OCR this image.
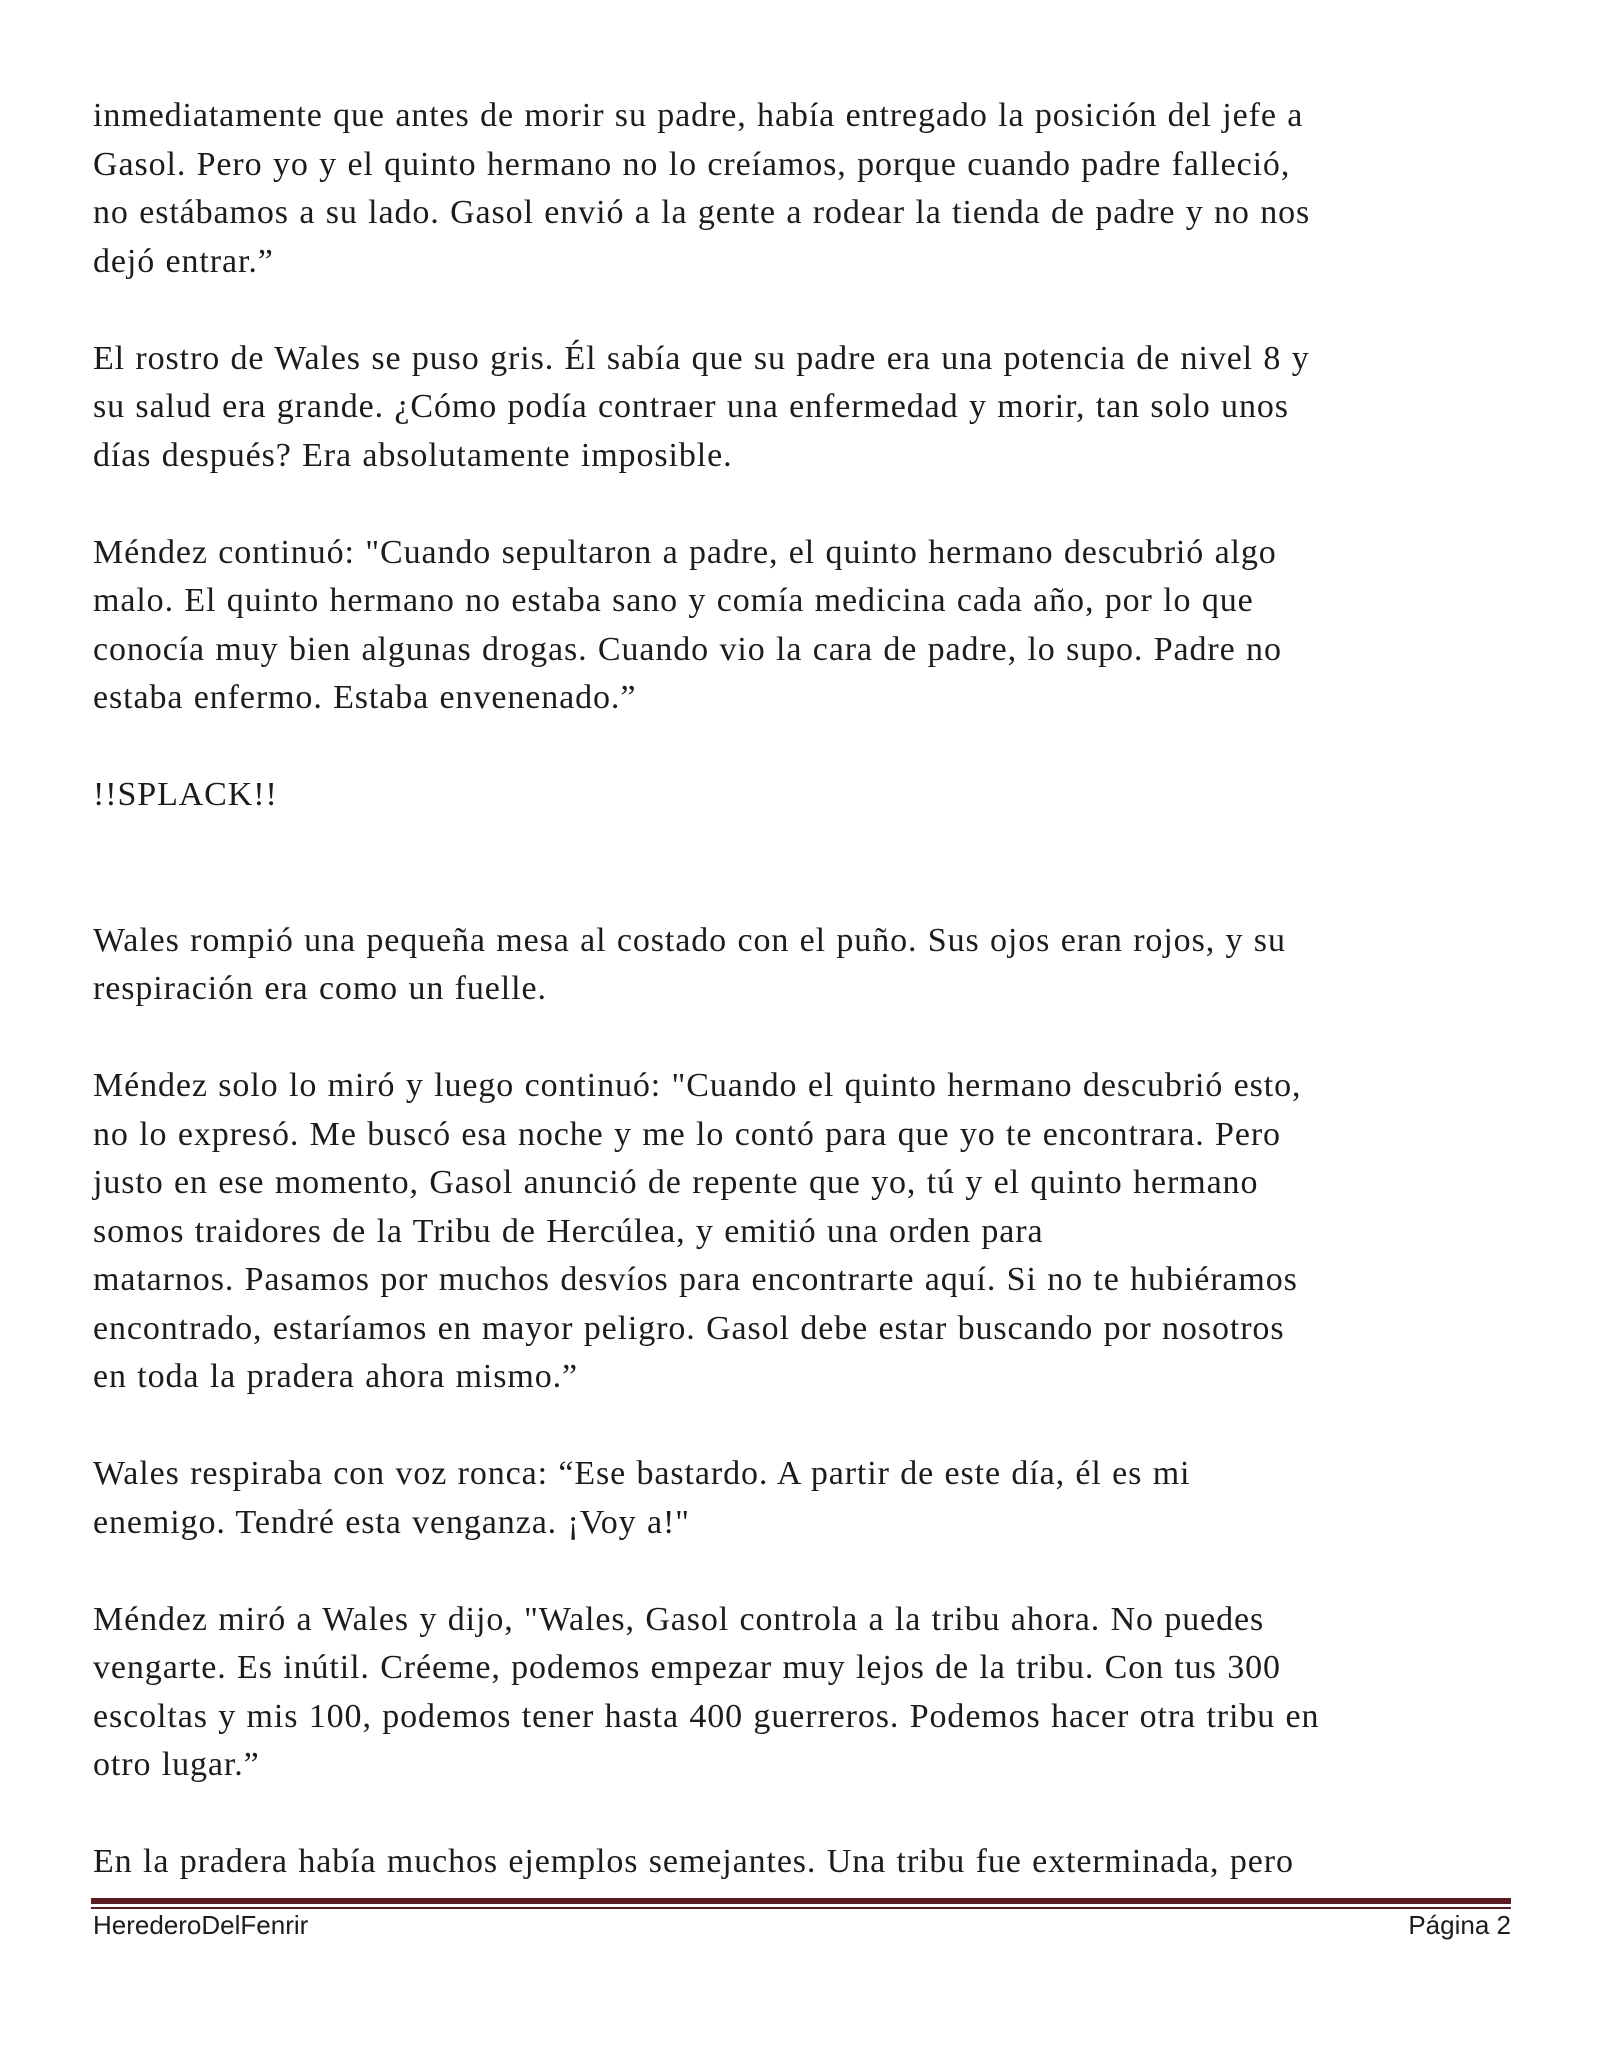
inmediatamente que antes de morir su padre, había entregado la posición del jefe a
Gasol. Pero yo y el quinto hermano no lo creíamos, porque cuando padre falleció,
no estábamos a su lado. Gasol envió a la gente a rodear la tienda de padre y no nos
dejó entrar.”

El rostro de Wales se puso gris. Él sabía que su padre era una potencia de nivel 8 y
su salud era grande. ¿Cómo podía contraer una enfermedad y morir, tan solo unos
días después? Era absolutamente imposible.

Méndez continuó: "Cuando sepultaron a padre, el quinto hermano descubrió algo
malo. El quinto hermano no estaba sano y comía medicina cada año, por lo que
conocía muy bien algunas drogas. Cuando vio la cara de padre, lo supo. Padre no
estaba enfermo. Estaba envenenado.”

!!SPLACK!!

Wales rompió una pequeña mesa al costado con el puño. Sus ojos eran rojos, y su
respiración era como un fuelle.

Méndez solo lo miró y luego continuó: "Cuando el quinto hermano descubrió esto,
no lo expresó. Me buscó esa noche y me lo contó para que yo te encontrara. Pero
justo en ese momento, Gasol anunció de repente que yo, tú y el quinto hermano
somos traidores de la Tribu de Hercúlea, y emitió una orden para
matarnos. Pasamos por muchos desvíos para encontrarte aquí. Si no te hubiéramos
encontrado, estaríamos en mayor peligro. Gasol debe estar buscando por nosotros
en toda la pradera ahora mismo.”

Wales respiraba con voz ronca: “Ese bastardo. A partir de este día, él es mi
enemigo. Tendré esta venganza. ¡Voy a!"

Méndez miró a Wales y dijo, "Wales, Gasol controla a la tribu ahora. No puedes
vengarte. Es inútil. Créeme, podemos empezar muy lejos de la tribu. Con tus 300
escoltas y mis 100, podemos tener hasta 400 guerreros. Podemos hacer otra tribu en
otro lugar.”

En la pradera había muchos ejemplos semejantes. Una tribu fue exterminada, pero

HerederoDelFenrir	Página 2
